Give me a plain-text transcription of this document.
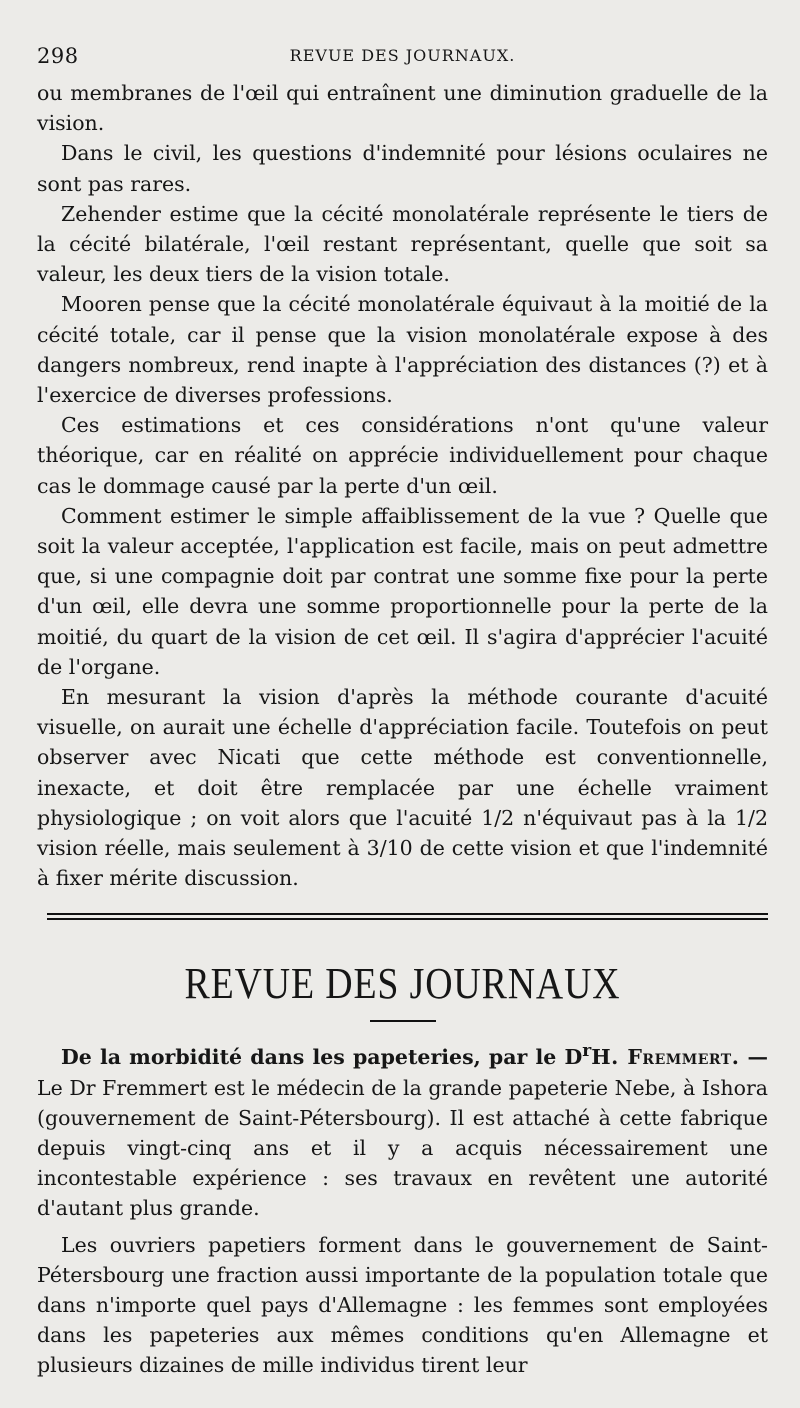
298	REVUE DES JOURNAUX.

ou membranes de l'œil qui entraînent une diminution graduelle de la vision.

Dans le civil, les questions d'indemnité pour lésions oculaires ne sont pas rares.

Zehender estime que la cécité monolatérale représente le tiers de la cécité bilatérale, l'œil restant représentant, quelle que soit sa valeur, les deux tiers de la vision totale.

Mooren pense que la cécité monolatérale équivaut à la moitié de la cécité totale, car il pense que la vision monolatérale expose à des dangers nombreux, rend inapte à l'appréciation des distances (?) et à l'exercice de diverses professions.

Ces estimations et ces considérations n'ont qu'une valeur théorique, car en réalité on apprécie individuellement pour chaque cas le dommage causé par la perte d'un œil.

Comment estimer le simple affaiblissement de la vue ? Quelle que soit la valeur acceptée, l'application est facile, mais on peut admettre que, si une compagnie doit par contrat une somme fixe pour la perte d'un œil, elle devra une somme proportionnelle pour la perte de la moitié, du quart de la vision de cet œil. Il s'agira d'apprécier l'acuité de l'organe.

En mesurant la vision d'après la méthode courante d'acuité visuelle, on aurait une échelle d'appréciation facile. Toutefois on peut observer avec Nicati que cette méthode est conventionnelle, inexacte, et doit être remplacée par une échelle vraiment physiologique ; on voit alors que l'acuité 1/2 n'équivaut pas à la 1/2 vision réelle, mais seulement à 3/10 de cette vision et que l'indemnité à fixer mérite discussion.

REVUE DES JOURNAUX

De la morbidité dans les papeteries, par le $D^rH$. Fremmert. — Le Dr Fremmert est le médecin de la grande papeterie Nebe, à Ishora (gouvernement de Saint-Pétersbourg). Il est attaché à cette fabrique depuis vingt-cinq ans et il y a acquis nécessairement une incontestable expérience : ses travaux en revêtent une autorité d'autant plus grande.

Les ouvriers papetiers forment dans le gouvernement de Saint-Pétersbourg une fraction aussi importante de la population totale que dans n'importe quel pays d'Allemagne : les femmes sont employées dans les papeteries aux mêmes conditions qu'en Allemagne et plusieurs dizaines de mille individus tirent leur
